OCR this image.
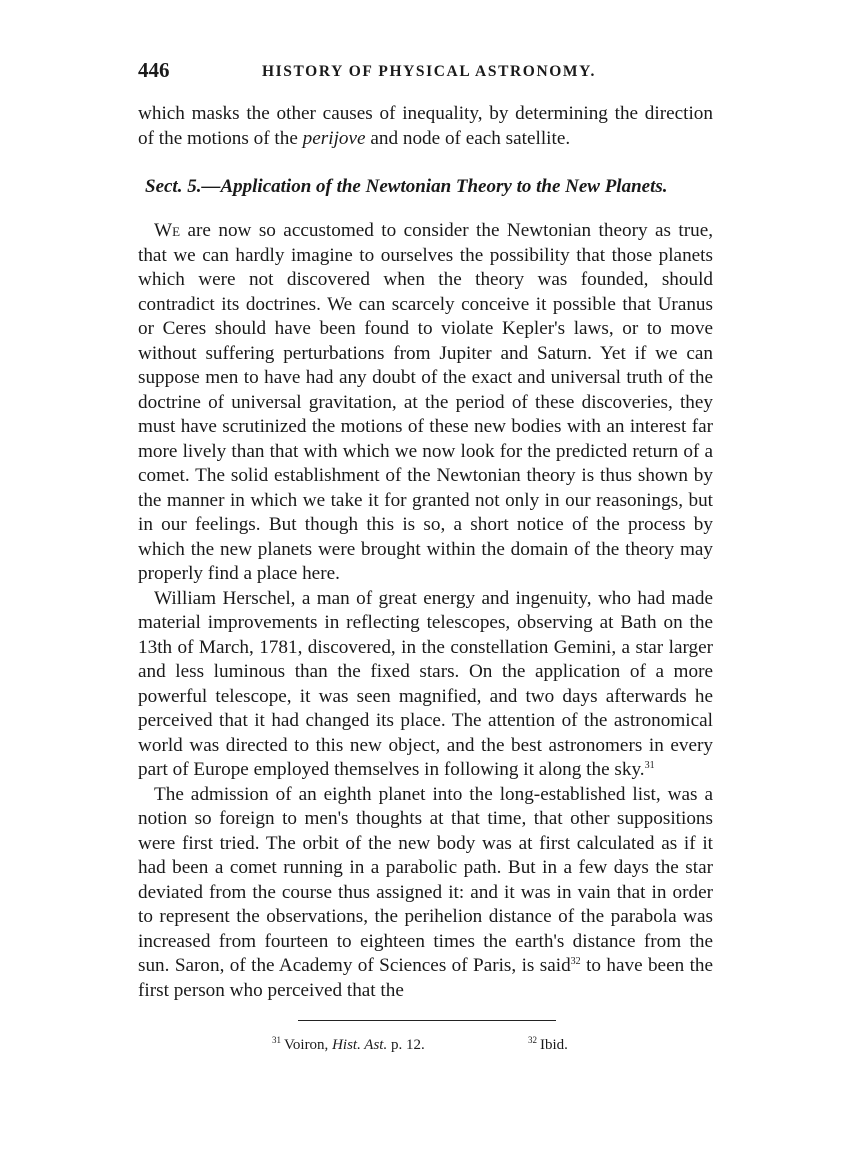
446	HISTORY OF PHYSICAL ASTRONOMY.

which masks the other causes of inequality, by determining the direction of the motions of the perijove and node of each satellite.

Sect. 5.—Application of the Newtonian Theory to the New Planets.

We are now so accustomed to consider the Newtonian theory as true, that we can hardly imagine to ourselves the possibility that those planets which were not discovered when the theory was founded, should contradict its doctrines. We can scarcely conceive it possible that Uranus or Ceres should have been found to violate Kepler's laws, or to move without suffering perturbations from Jupiter and Saturn. Yet if we can suppose men to have had any doubt of the exact and universal truth of the doctrine of universal gravitation, at the period of these discoveries, they must have scrutinized the motions of these new bodies with an interest far more lively than that with which we now look for the predicted return of a comet. The solid establishment of the Newtonian theory is thus shown by the manner in which we take it for granted not only in our reasonings, but in our feelings. But though this is so, a short notice of the process by which the new planets were brought within the domain of the theory may properly find a place here.

William Herschel, a man of great energy and ingenuity, who had made material improvements in reflecting telescopes, observing at Bath on the 13th of March, 1781, discovered, in the constellation Gemini, a star larger and less luminous than the fixed stars. On the application of a more powerful telescope, it was seen magnified, and two days afterwards he perceived that it had changed its place. The attention of the astronomical world was directed to this new object, and the best astronomers in every part of Europe employed themselves in following it along the sky.$^{31}$

The admission of an eighth planet into the long-established list, was a notion so foreign to men's thoughts at that time, that other suppositions were first tried. The orbit of the new body was at first calculated as if it had been a comet running in a parabolic path. But in a few days the star deviated from the course thus assigned it: and it was in vain that in order to represent the observations, the perihelion distance of the parabola was increased from fourteen to eighteen times the earth's distance from the sun. Saron, of the Academy of Sciences of Paris, is said$^{32}$ to have been the first person who perceived that the

$^{31}$ Voiron, Hist. Ast. p. 12.	$^{32}$ Ibid.
